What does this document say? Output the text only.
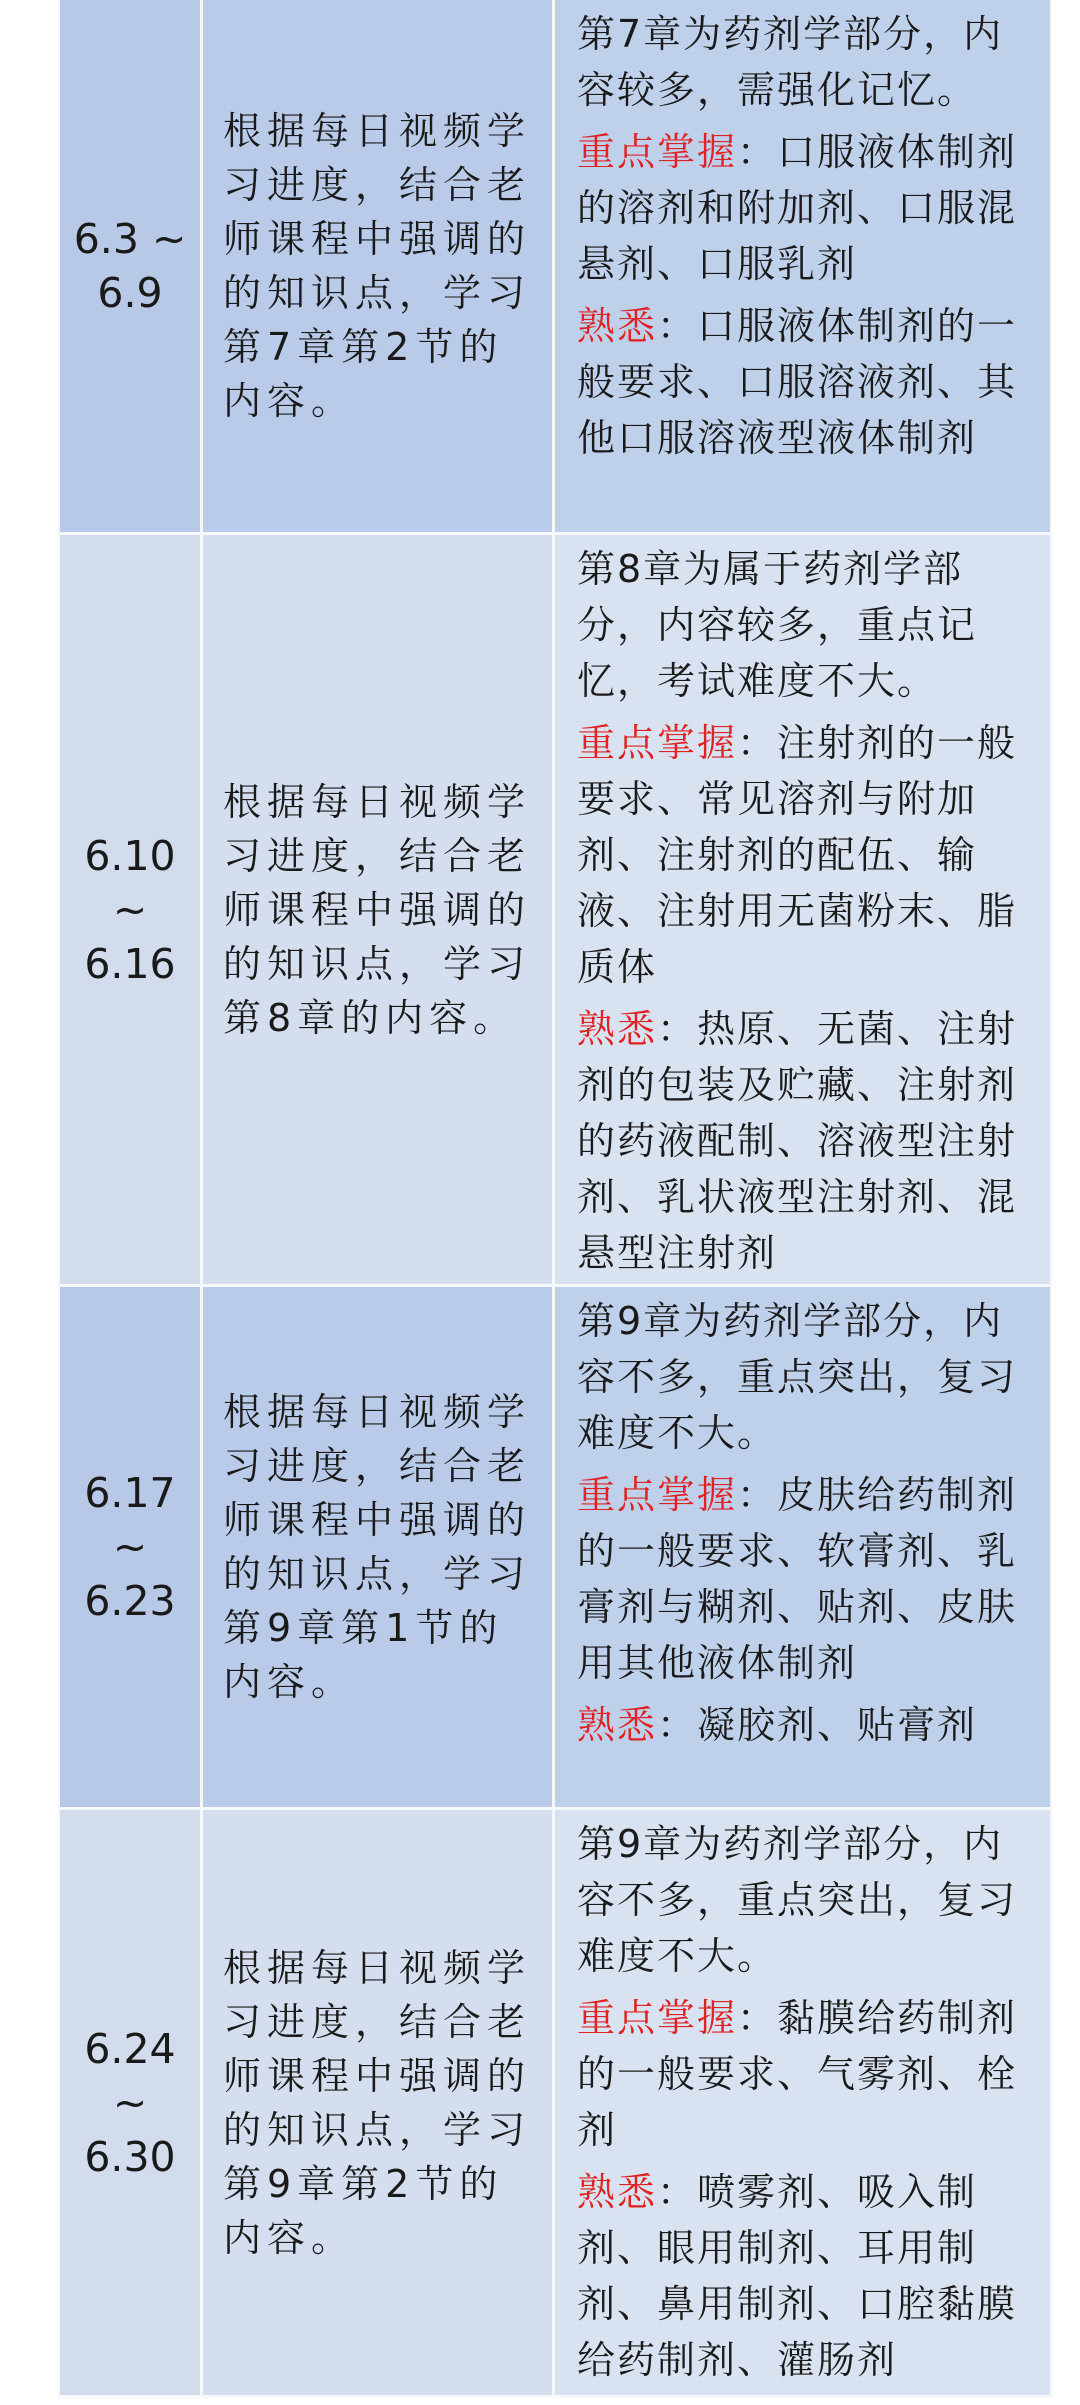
6.3 ~ 6.9
根据每日视频学习进度，结合老师课程中强调的的知识点，学习第7章第2节的内容。

第7章为药剂学部分，内容较多，需强化记忆。

重点掌握：口服液体制剂的溶剂和附加剂、口服混悬剂、口服乳剂

熟悉：口服液体制剂的一般要求、口服溶液剂、其他口服溶液型液体制剂

6.10 ~ 6.16
根据每日视频学习进度，结合老师课程中强调的的知识点，学习第8章的内容。

第8章为属于药剂学部分，内容较多，重点记忆，考试难度不大。

重点掌握：注射剂的一般要求、常见溶剂与附加剂、注射剂的配伍、输液、注射用无菌粉末、脂质体

熟悉：热原、无菌、注射剂的包装及贮藏、注射剂的药液配制、溶液型注射剂、乳状液型注射剂、混悬型注射剂

6.17 ~ 6.23
根据每日视频学习进度，结合老师课程中强调的的知识点，学习第9章第1节的内容。

第9章为药剂学部分，内容不多，重点突出，复习难度不大。

重点掌握：皮肤给药制剂的一般要求、软膏剂、乳膏剂与糊剂、贴剂、皮肤用其他液体制剂

熟悉：凝胶剂、贴膏剂

6.24 ~ 6.30
根据每日视频学习进度，结合老师课程中强调的的知识点，学习第9章第2节的内容。

第9章为药剂学部分，内容不多，重点突出，复习难度不大。

重点掌握：黏膜给药制剂的一般要求、气雾剂、栓剂

熟悉：喷雾剂、吸入制剂、眼用制剂、耳用制剂、鼻用制剂、口腔黏膜给药制剂、灌肠剂
